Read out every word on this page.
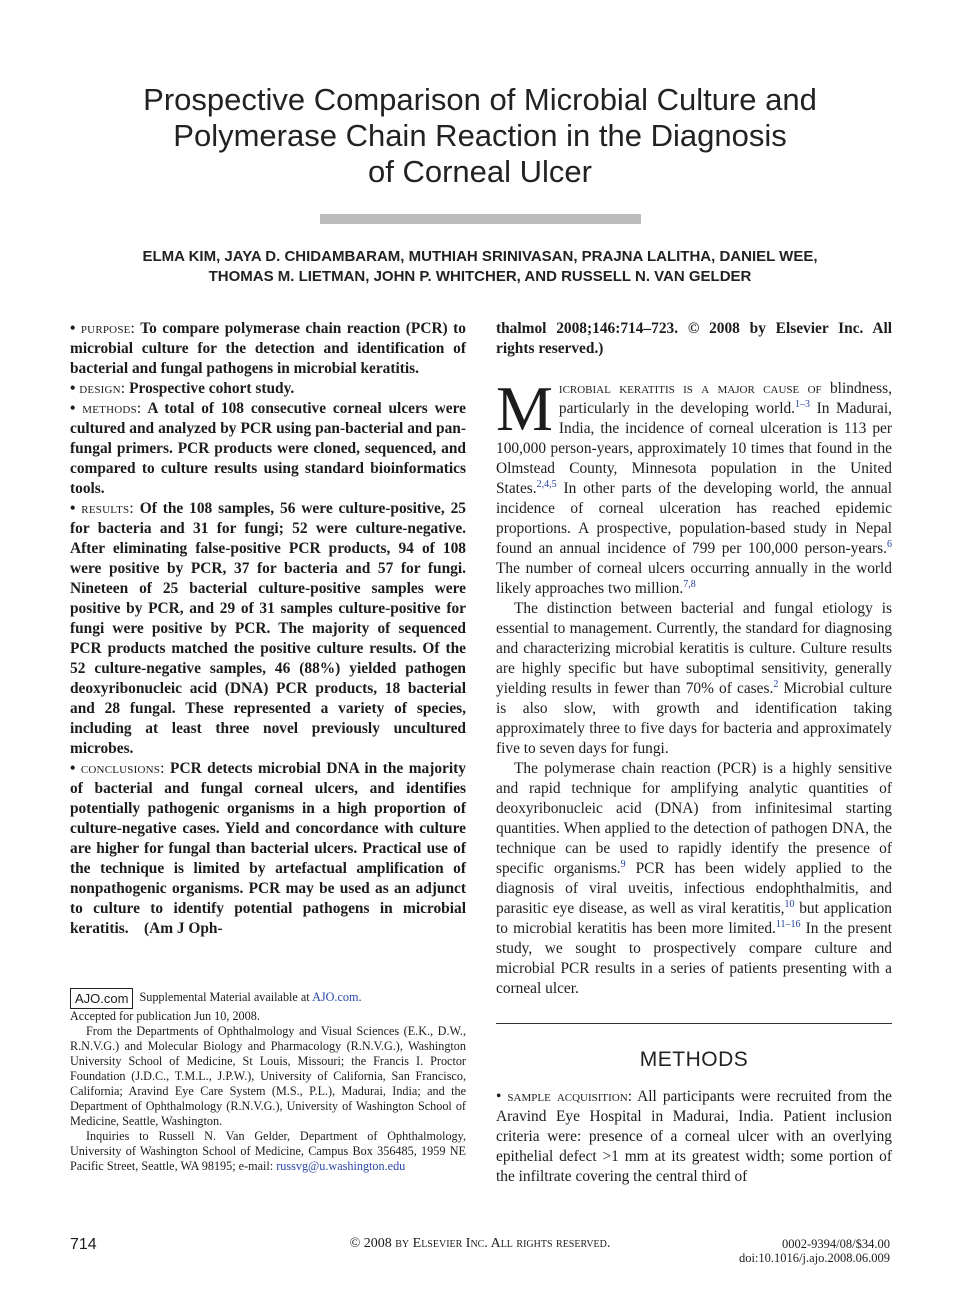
Prospective Comparison of Microbial Culture and
Polymerase Chain Reaction in the Diagnosis
of Corneal Ulcer
ELMA KIM, JAYA D. CHIDAMBARAM, MUTHIAH SRINIVASAN, PRAJNA LALITHA, DANIEL WEE,
THOMAS M. LIETMAN, JOHN P. WHITCHER, AND RUSSELL N. VAN GELDER

• purpose: To compare polymerase chain reaction (PCR) to microbial culture for the detection and identification of bacterial and fungal pathogens in microbial keratitis.

• design: Prospective cohort study.

• methods: A total of 108 consecutive corneal ulcers were cultured and analyzed by PCR using pan-bacterial and pan-fungal primers. PCR products were cloned, sequenced, and compared to culture results using standard bioinformatics tools.

• results: Of the 108 samples, 56 were culture-positive, 25 for bacteria and 31 for fungi; 52 were culture-negative. After eliminating false-positive PCR products, 94 of 108 were positive by PCR, 37 for bacteria and 57 for fungi. Nineteen of 25 bacterial culture-positive samples were positive by PCR, and 29 of 31 samples culture-positive for fungi were positive by PCR. The majority of sequenced PCR products matched the positive culture results. Of the 52 culture-negative samples, 46 (88%) yielded pathogen deoxyribonucleic acid (DNA) PCR products, 18 bacterial and 28 fungal. These represented a variety of species, including at least three novel previously uncultured microbes.

• conclusions: PCR detects microbial DNA in the majority of bacterial and fungal corneal ulcers, and identifies potentially pathogenic organisms in a high proportion of culture-negative cases. Yield and concordance with culture are higher for fungal than bacterial ulcers. Practical use of the technique is limited by artefactual amplification of nonpathogenic organisms. PCR may be used as an adjunct to culture to identify potential pathogens in microbial keratitis. (Am J Oph-

AJO.com Supplemental Material available at AJO.com.

Accepted for publication Jun 10, 2008.

From the Departments of Ophthalmology and Visual Sciences (E.K., D.W., R.N.V.G.) and Molecular Biology and Pharmacology (R.N.V.G.), Washington University School of Medicine, St Louis, Missouri; the Francis I. Proctor Foundation (J.D.C., T.M.L., J.P.W.), University of California, San Francisco, California; Aravind Eye Care System (M.S., P.L.), Madurai, India; and the Department of Ophthalmology (R.N.V.G.), University of Washington School of Medicine, Seattle, Washington.

Inquiries to Russell N. Van Gelder, Department of Ophthalmology, University of Washington School of Medicine, Campus Box 356485, 1959 NE Pacific Street, Seattle, WA 98195; e-mail: russvg@u.washington.edu

thalmol 2008;146:714–723. © 2008 by Elsevier Inc. All rights reserved.)

Microbial keratitis is a major cause of blindness, particularly in the developing world.$^{1-3}$ In Madurai, India, the incidence of corneal ulceration is 113 per 100,000 person-years, approximately 10 times that found in the Olmstead County, Minnesota population in the United States.$^{2,4,5}$ In other parts of the developing world, the annual incidence of corneal ulceration has reached epidemic proportions. A prospective, population-based study in Nepal found an annual incidence of 799 per 100,000 person-years.$^6$ The number of corneal ulcers occurring annually in the world likely approaches two million.$^{7,8}$

The distinction between bacterial and fungal etiology is essential to management. Currently, the standard for diagnosing and characterizing microbial keratitis is culture. Culture results are highly specific but have suboptimal sensitivity, generally yielding results in fewer than 70% of cases.$^2$ Microbial culture is also slow, with growth and identification taking approximately three to five days for bacteria and approximately five to seven days for fungi.

The polymerase chain reaction (PCR) is a highly sensitive and rapid technique for amplifying analytic quantities of deoxyribonucleic acid (DNA) from infinitesimal starting quantities. When applied to the detection of pathogen DNA, the technique can be used to rapidly identify the presence of specific organisms.$^9$ PCR has been widely applied to the diagnosis of viral uveitis, infectious endophthalmitis, and parasitic eye disease, as well as viral keratitis,$^{10}$ but application to microbial keratitis has been more limited.$^{11-16}$ In the present study, we sought to prospectively compare culture and microbial PCR results in a series of patients presenting with a corneal ulcer.

METHODS

• sample acquisition: All participants were recruited from the Aravind Eye Hospital in Madurai, India. Patient inclusion criteria were: presence of a corneal ulcer with an overlying epithelial defect >1 mm at its greatest width; some portion of the infiltrate covering the central third of

714	© 2008 by Elsevier Inc. All rights reserved.	0002-9394/08/$34.00
doi:10.1016/j.ajo.2008.06.009
